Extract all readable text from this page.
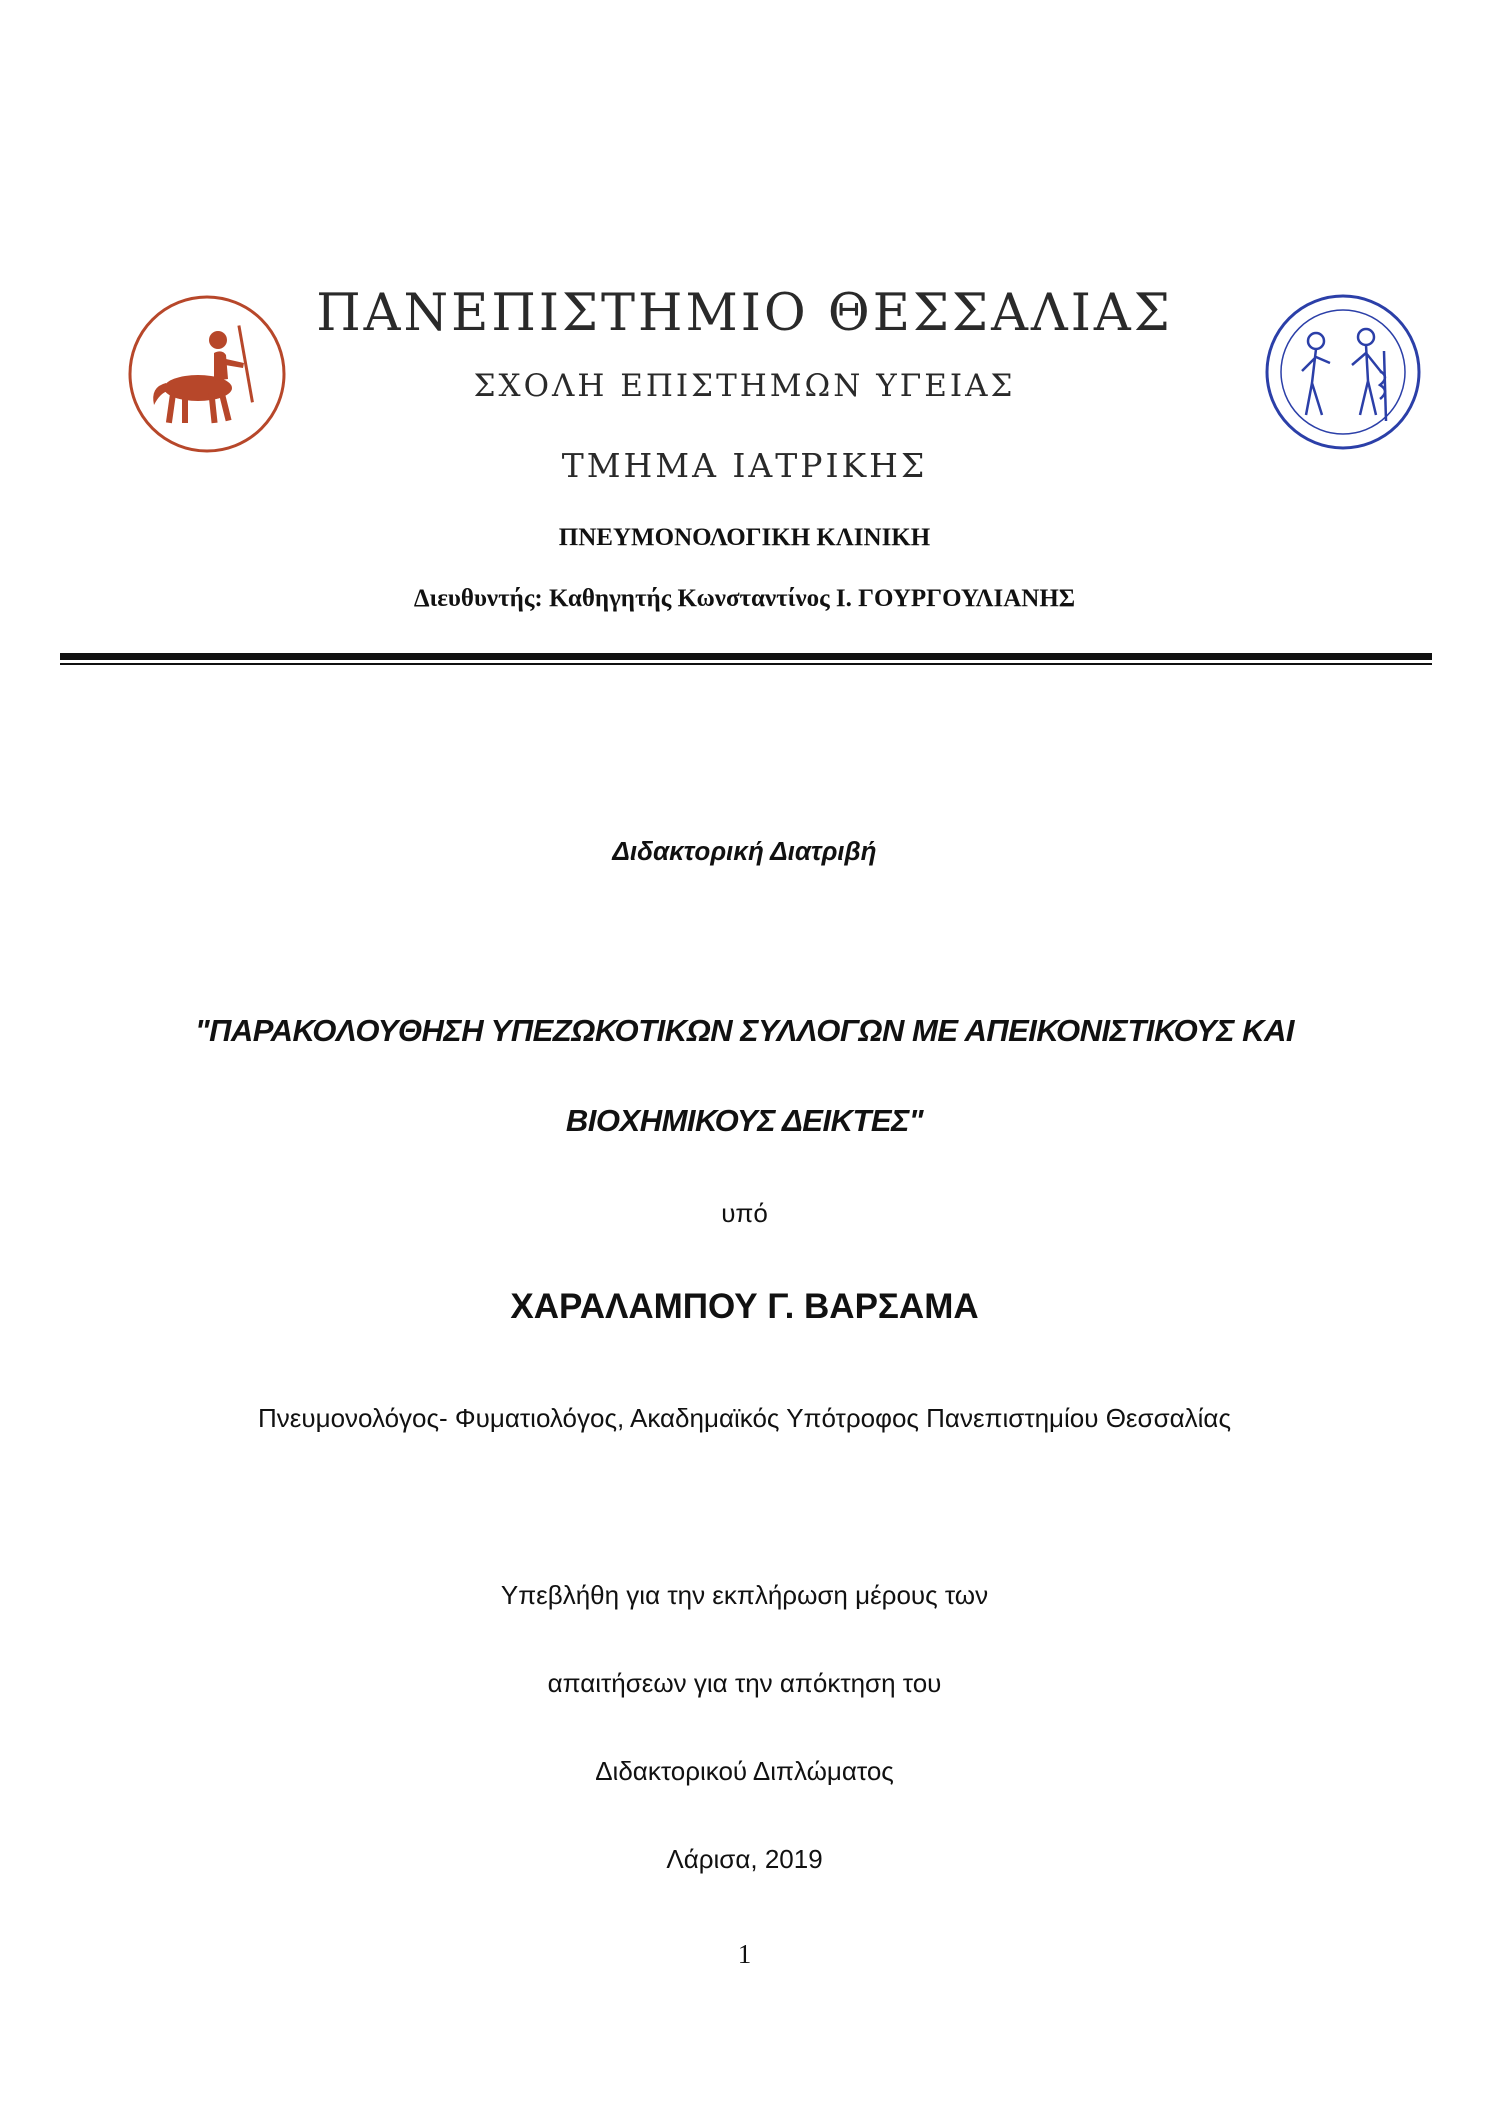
ΠΑΝΕΠΙΣΤΗΜΙΟ ΘΕΣΣΑΛΙΑΣ
ΣΧΟΛΗ ΕΠΙΣΤΗΜΩΝ ΥΓΕΙΑΣ
ΤΜΗΜΑ ΙΑΤΡΙΚΗΣ
ΠΝΕΥΜΟΝΟΛΟΓΙΚΗ ΚΛΙΝΙΚΗ
Διευθυντής: Καθηγητής Κωνσταντίνος Ι. ΓΟΥΡΓΟΥΛΙΑΝΗΣ
Διδακτορική Διατριβή
"ΠΑΡΑΚΟΛΟΥΘΗΣΗ ΥΠΕΖΩΚΟΤΙΚΩΝ ΣΥΛΛΟΓΩΝ ΜΕ ΑΠΕΙΚΟΝΙΣΤΙΚΟΥΣ ΚΑΙ
ΒΙΟΧΗΜΙΚΟΥΣ ΔΕΙΚΤΕΣ"
υπό
ΧΑΡΑΛΑΜΠΟΥ Γ. ΒΑΡΣΑΜΑ
Πνευμονολόγος- Φυματιολόγος, Ακαδημαϊκός Υπότροφος Πανεπιστημίου Θεσσαλίας
Υπεβλήθη για την εκπλήρωση μέρους των
απαιτήσεων για την απόκτηση του
Διδακτορικού Διπλώματος
Λάρισα, 2019
1
